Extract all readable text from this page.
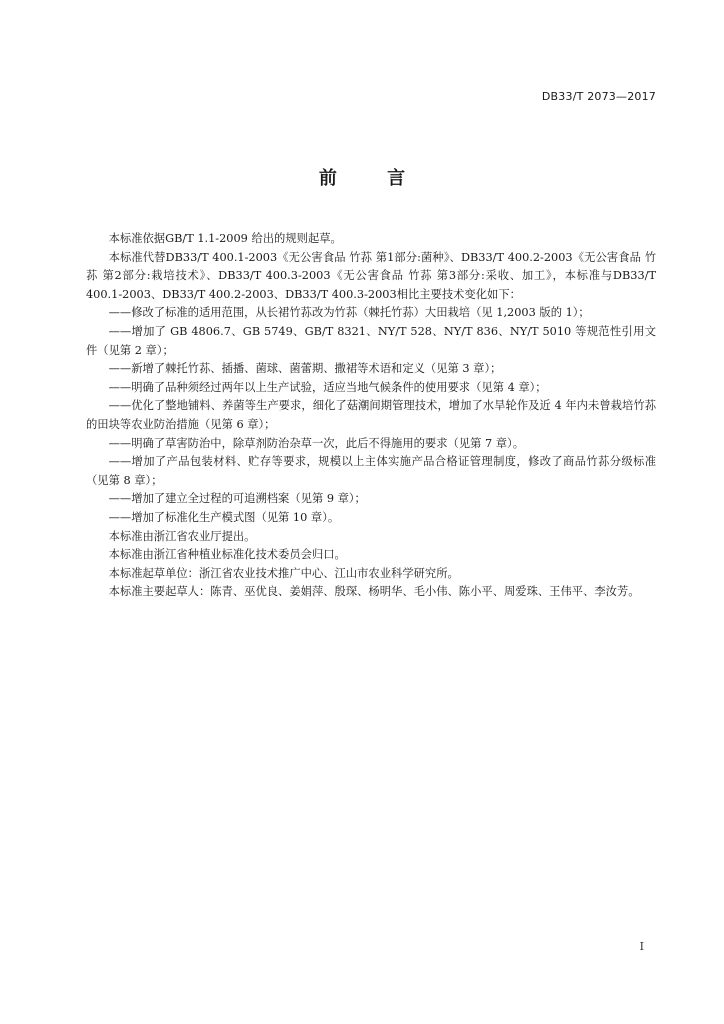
DB33/T 2073—2017
前 言

本标准依据GB/T 1.1-2009 给出的规则起草。

本标准代替DB33/T 400.1-2003《无公害食品 竹荪 第1部分:菌种》、DB33/T 400.2-2003《无公害食品 竹荪 第2部分:栽培技术》、DB33/T 400.3-2003《无公害食品 竹荪 第3部分:采收、加工》，本标准与DB33/T 400.1-2003、DB33/T 400.2-2003、DB33/T 400.3-2003相比主要技术变化如下：

——修改了标准的适用范围，从长裙竹荪改为竹荪（棘托竹荪）大田栽培（见 1,2003 版的 1）；

——增加了 GB 4806.7、GB 5749、GB/T 8321、NY/T 528、NY/T 836、NY/T 5010 等规范性引用文件（见第 2 章）；

——新增了棘托竹荪、插播、菌球、菌蕾期、撒裙等术语和定义（见第 3 章）；

——明确了品种须经过两年以上生产试验，适应当地气候条件的使用要求（见第 4 章）；

——优化了整地铺料、养菌等生产要求，细化了菇潮间期管理技术，增加了水旱轮作及近 4 年内未曾栽培竹荪的田块等农业防治措施（见第 6 章）；

——明确了草害防治中，除草剂防治杂草一次，此后不得施用的要求（见第 7 章）。

——增加了产品包装材料、贮存等要求，规模以上主体实施产品合格证管理制度，修改了商品竹荪分级标准（见第 8 章）；

——增加了建立全过程的可追溯档案（见第 9 章）；

——增加了标准化生产模式图（见第 10 章）。

本标准由浙江省农业厅提出。

本标准由浙江省种植业标准化技术委员会归口。

本标准起草单位：浙江省农业技术推广中心、江山市农业科学研究所。

本标准主要起草人：陈青、巫优良、姜娟萍、殷琛、杨明华、毛小伟、陈小平、周爱珠、王伟平、李汝芳。

I
